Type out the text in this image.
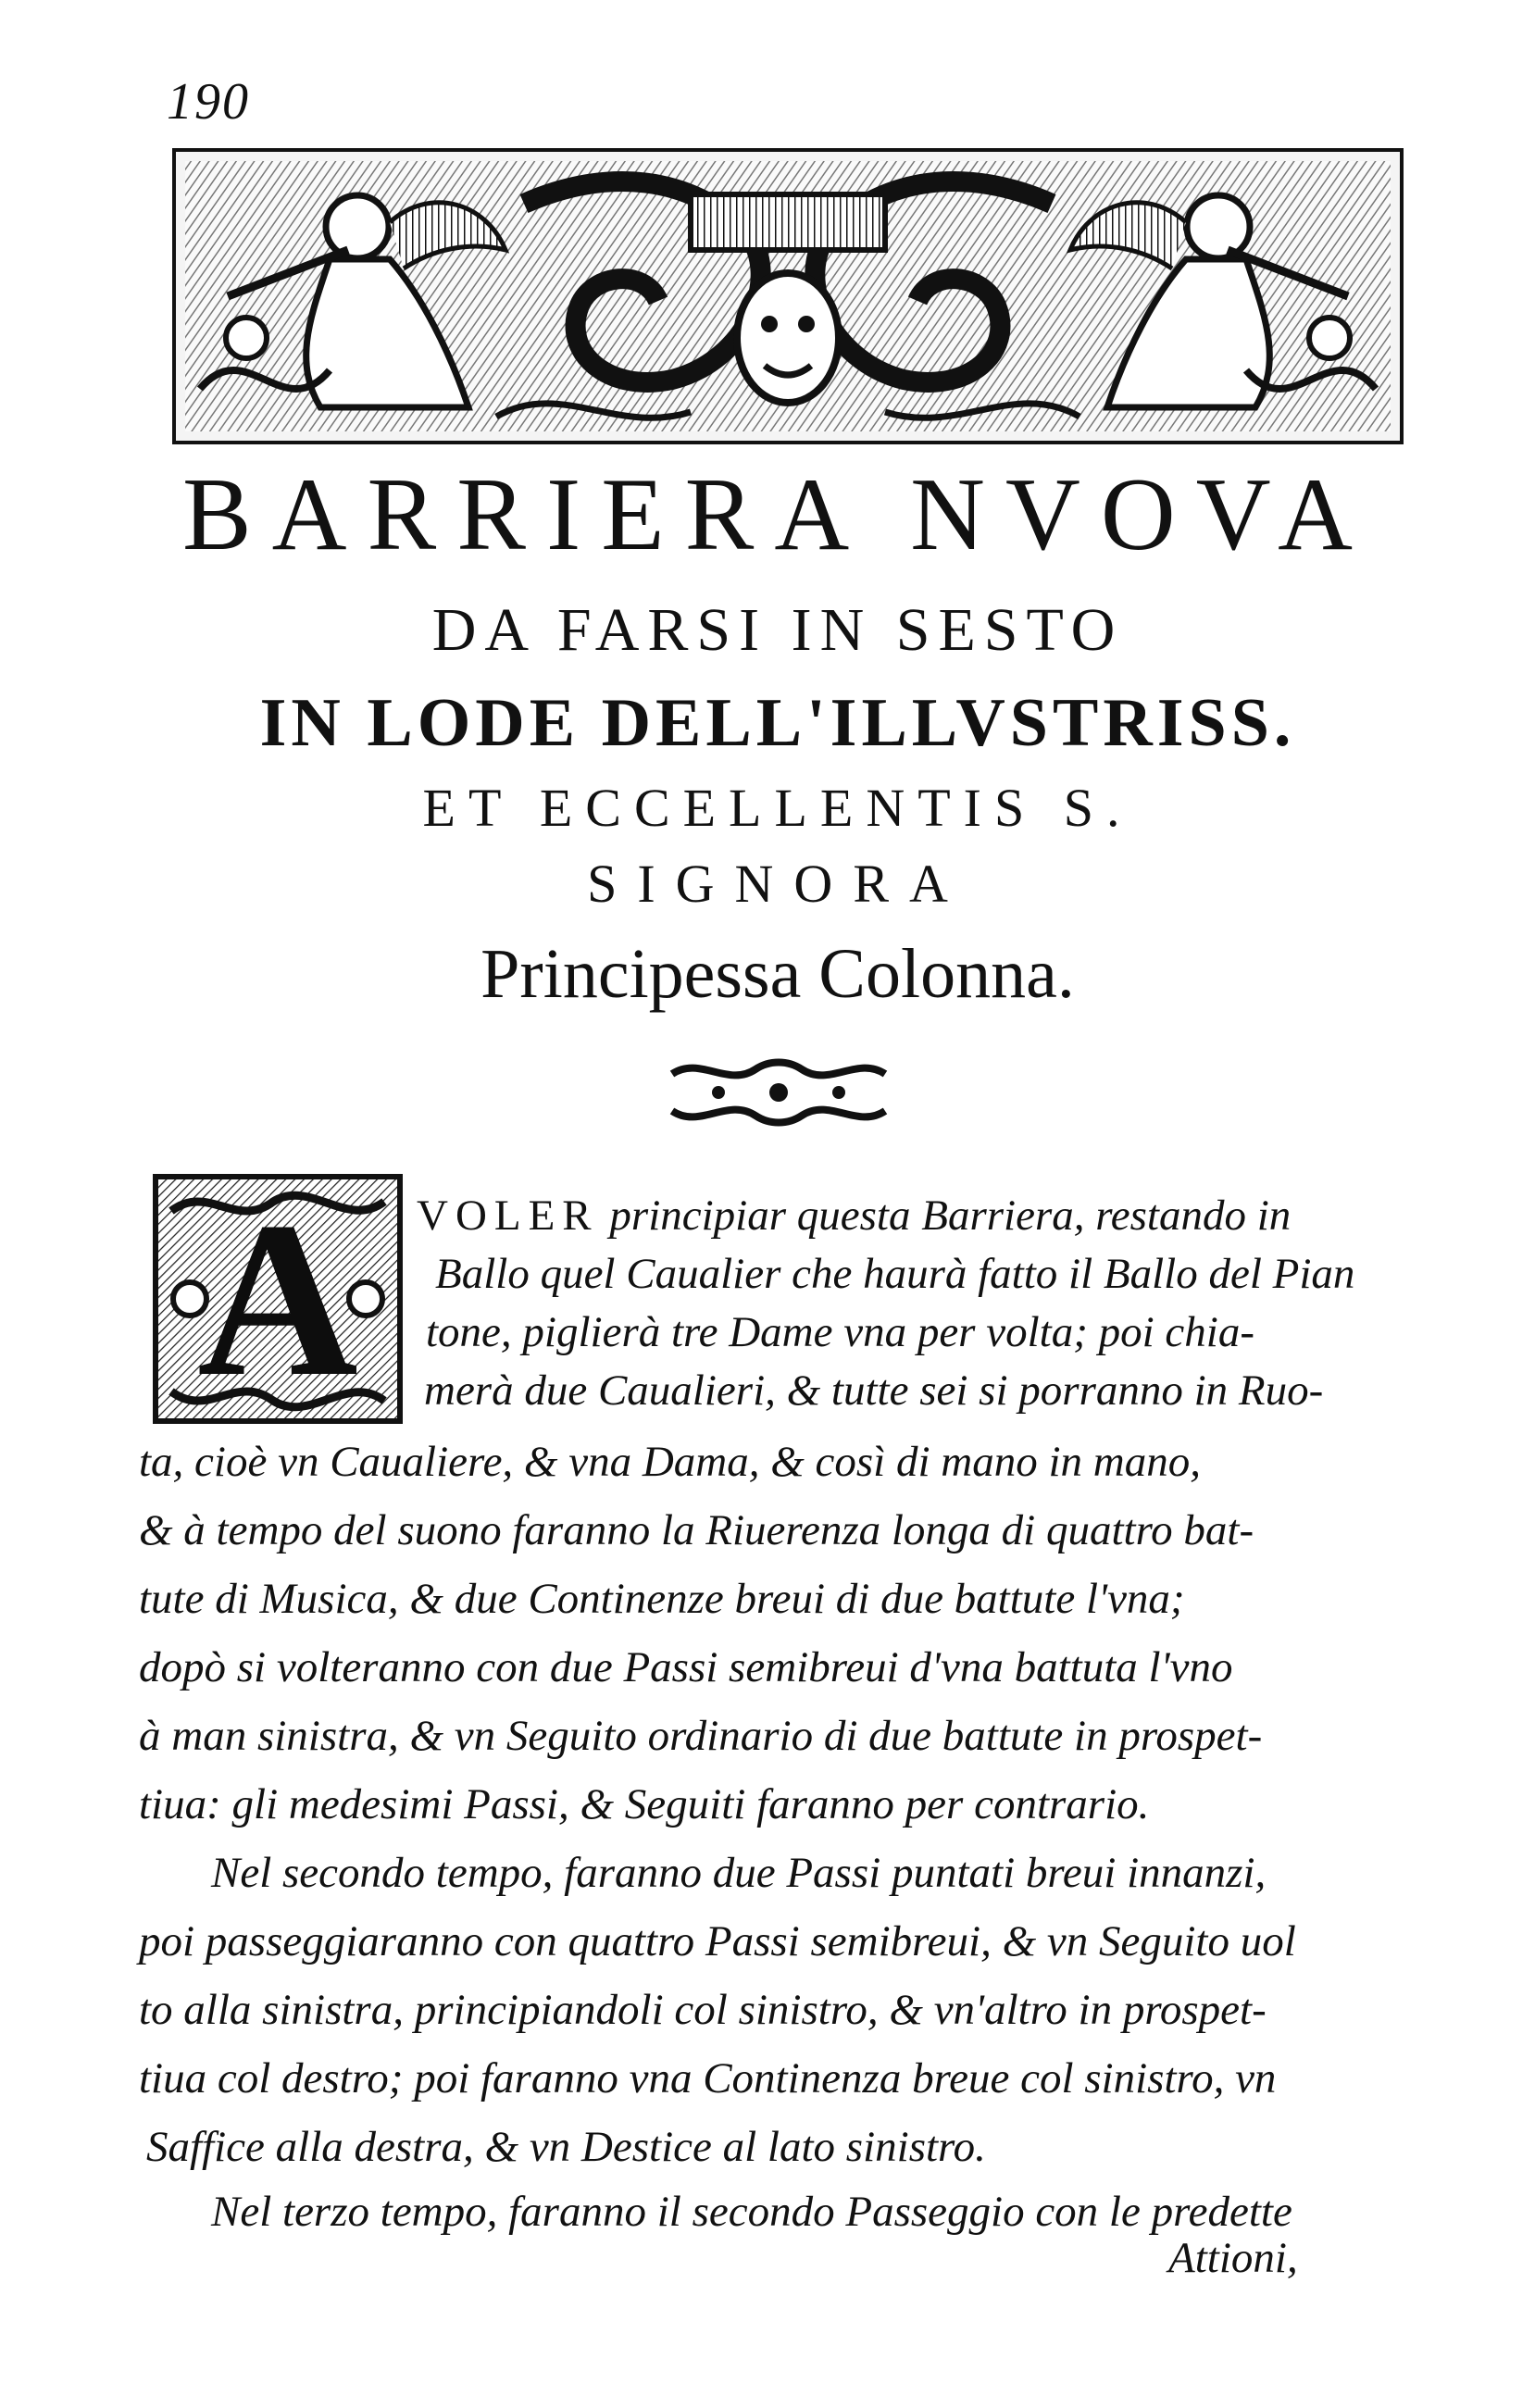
190
BARRIERA NVOVA
DA FARSI IN SESTO
IN LODE DELL'ILLVSTRISS.
ET ECCELLENTIS S.
SIGNORA
Principessa Colonna.
A	VOLER principiar questa Barriera, restando in
Ballo quel Caualier che haurà fatto il Ballo del Pian
tone, piglierà tre Dame vna per volta; poi chia-
merà due Caualieri, & tutte sei si porranno in Ruo-
ta, cioè vn Caualiere, & vna Dama, & così di mano in mano,
& à tempo del suono faranno la Riuerenza longa di quattro bat-
tute di Musica, & due Continenze breui di due battute l'vna;
dopò si volteranno con due Passi semibreui d'vna battuta l'vno
à man sinistra, & vn Seguito ordinario di due battute in prospet-
tiua: gli medesimi Passi, & Seguiti faranno per contrario.
Nel secondo tempo, faranno due Passi puntati breui innanzi,
poi passeggiaranno con quattro Passi semibreui, & vn Seguito uol
to alla sinistra, principiandoli col sinistro, & vn'altro in prospet-
tiua col destro; poi faranno vna Continenza breue col sinistro, vn
Saffice alla destra, & vn Destice al lato sinistro.
Nel terzo tempo, faranno il secondo Passeggio con le predette
Attioni,
